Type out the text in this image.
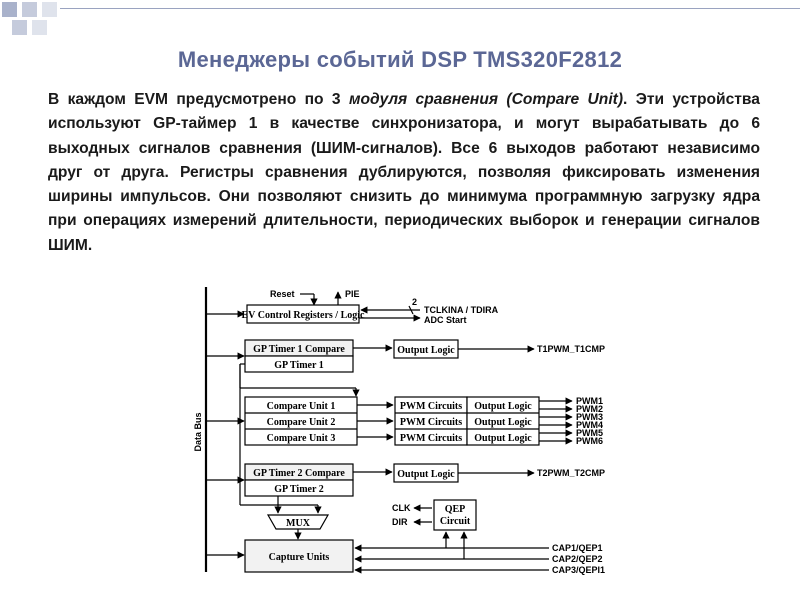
Менеджеры событий DSP TMS320F2812

В каждом EVM предусмотрено по 3 модуля сравнения (Compare Unit). Эти устройства используют GP-таймер 1 в качестве синхронизатора, и могут вырабатывать до 6 выходных сигналов сравнения (ШИМ-сигналов). Все 6 выходов работают независимо друг от друга. Регистры сравнения дублируются, позволяя фиксировать изменения ширины импульсов. Они позволяют снизить до минимума программную загрузку ядра при операциях измерений длительности, периодических выборок и генерации сигналов ШИМ.

Data Bus
Reset	PIE
EV Control Registers / Logic
2
TCLKINA / TDIRA
ADC Start
GP Timer 1 Compare
GP Timer 1
Output Logic	T1PWM_T1CMP
Compare Unit 1
Compare Unit 2
Compare Unit 3
PWM Circuits
PWM Circuits
PWM Circuits
Output Logic
Output Logic
Output Logic
PWM1
PWM2
PWM3
PWM4
PWM5
PWM6
GP Timer 2 Compare
GP Timer 2
Output Logic	T2PWM_T2CMP
MUX
CLK
DIR
QEP
Circuit
Capture Units
CAP1/QEP1
CAP2/QEP2
CAP3/QEPI1
